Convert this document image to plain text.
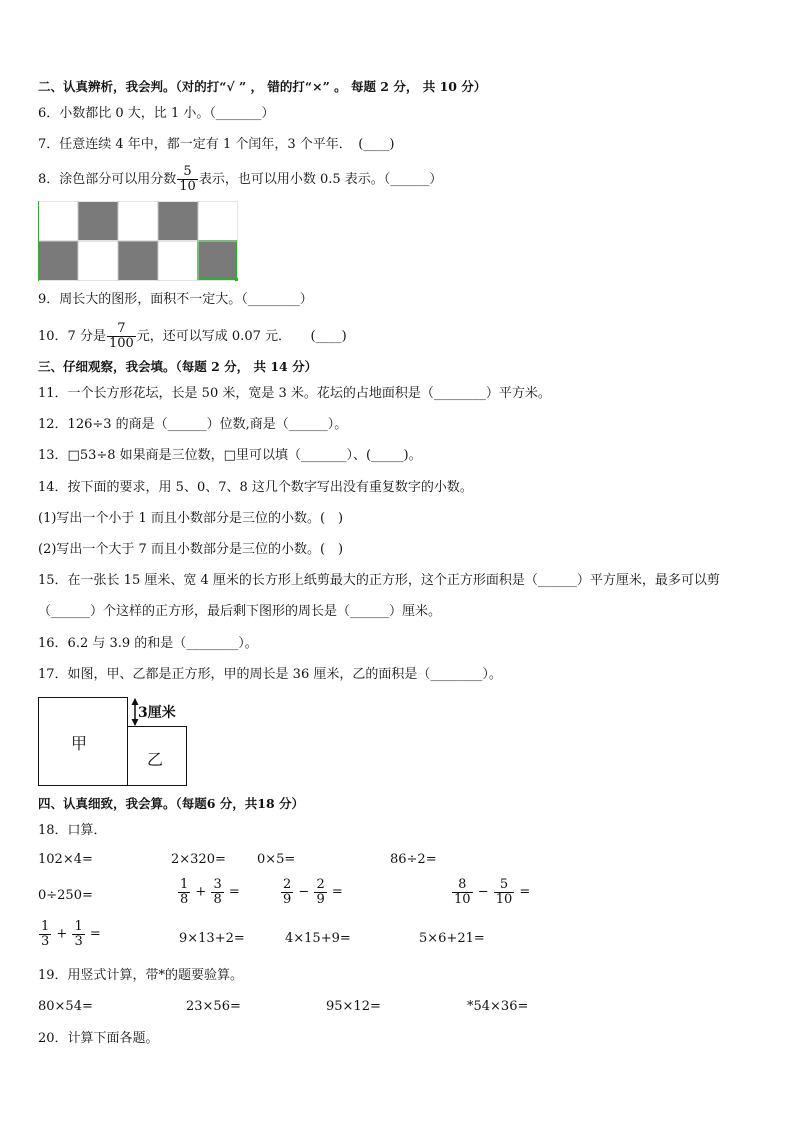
二、认真辨析，我会判。（对的打“√ ” ， 错的打“×” 。 每题 2 分， 共 10 分）
6．小数都比 0 大，比 1 小。（_______）
7．任意连续 4 年中，都一定有 1 个闰年，3 个平年．　(____)
8．涂色部分可以用分数 $\frac{5}{10}$ 表示，也可以用小数 0.5 表示。（______）
9．周长大的图形，面积不一定大。（________）
10．7 分是 $\frac{7}{100}$ 元，还可以写成 0.07 元．　　(____)
三、仔细观察，我会填。（每题 2 分， 共 14 分）
11．一个长方形花坛，长是 50 米，宽是 3 米。花坛的占地面积是（________）平方米。
12．126÷3 的商是（______）位数,商是（______）。
13．□53÷8 如果商是三位数，□里可以填（_______）、(_____)。
14．按下面的要求，用 5、0、7、8 这几个数字写出没有重复数字的小数。
(1)写出一个小于 1 而且小数部分是三位的小数。(　)
(2)写出一个大于 7 而且小数部分是三位的小数。(　)
15．在一张长 15 厘米、宽 4 厘米的长方形上纸剪最大的正方形，这个正方形面积是（______）平方厘米，最多可以剪
（______）个这样的正方形，最后剩下图形的周长是（______）厘米。
16．6.2 与 3.9 的和是（________）。
17．如图，甲、乙都是正方形，甲的周长是 36 厘米，乙的面积是（________）。
甲
乙
3厘米
四、认真细致，我会算。（每题6 分，共18 分）
18．口算．
102×4=	2×320= 0×5=	86÷2=
0÷250=	$\frac{1}{8} + \frac{3}{8}$ =	$\frac{2}{9} - \frac{2}{9}$ =	$\frac{8}{10} - \frac{5}{10}$ =
$\frac{1}{3} + \frac{1}{3}$ =	9×13+2=	4×15+9=	5×6+21=
19．用竖式计算，带*的题要验算。
80×54=	23×56=	95×12=	*54×36=
20．计算下面各题。
